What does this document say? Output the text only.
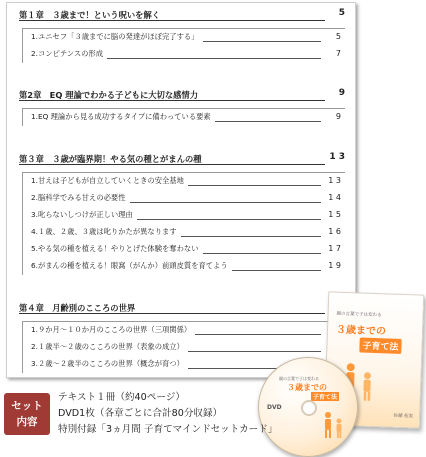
第１章　３歳まで！という呪いを解く	5
1.ユニセフ「３歳までに脳の発達がほぼ完了する」	5
2.コンピテンスの形成	7
第2章　EQ 理論でわかる子どもに大切な感情力	9
1.EQ 理論から見る成功するタイプに備わっている要素	9
第３章　３歳が臨界期！やる気の種とがまんの種	1 3
1.甘えは子どもが自立していくときの安全基地	1 3
2.脳科学でみる甘えの必要性	1 4
3.叱らないしつけが正しい理由	1 5
4.１歳、２歳、３歳は叱りかたが異なります	1 6
5.やる気の種を植える！やりとげた体験を奪わない	1 7
6.がまんの種を植える！眼窩（がんか）前頭皮質を育てよう	1 9
第４章　月齢別のこころの世界
1.９か月～１０か月のこころの世界（三項関係）
2.１歳半～２歳のこころの世界（表象の成立）
3.２歳～２歳半のこころの世界（概念が育つ）
親の言葉で子は変わる
３歳までの
子育て法
佐藤 拓実
親の言葉で子は変わる
３歳までの
子育て法
DVD
セット
内容
テキスト１冊（約40ページ）
DVD1枚（各章ごとに合計80分収録）
特別付録「3ヵ月間 子育てマインドセットカード」
